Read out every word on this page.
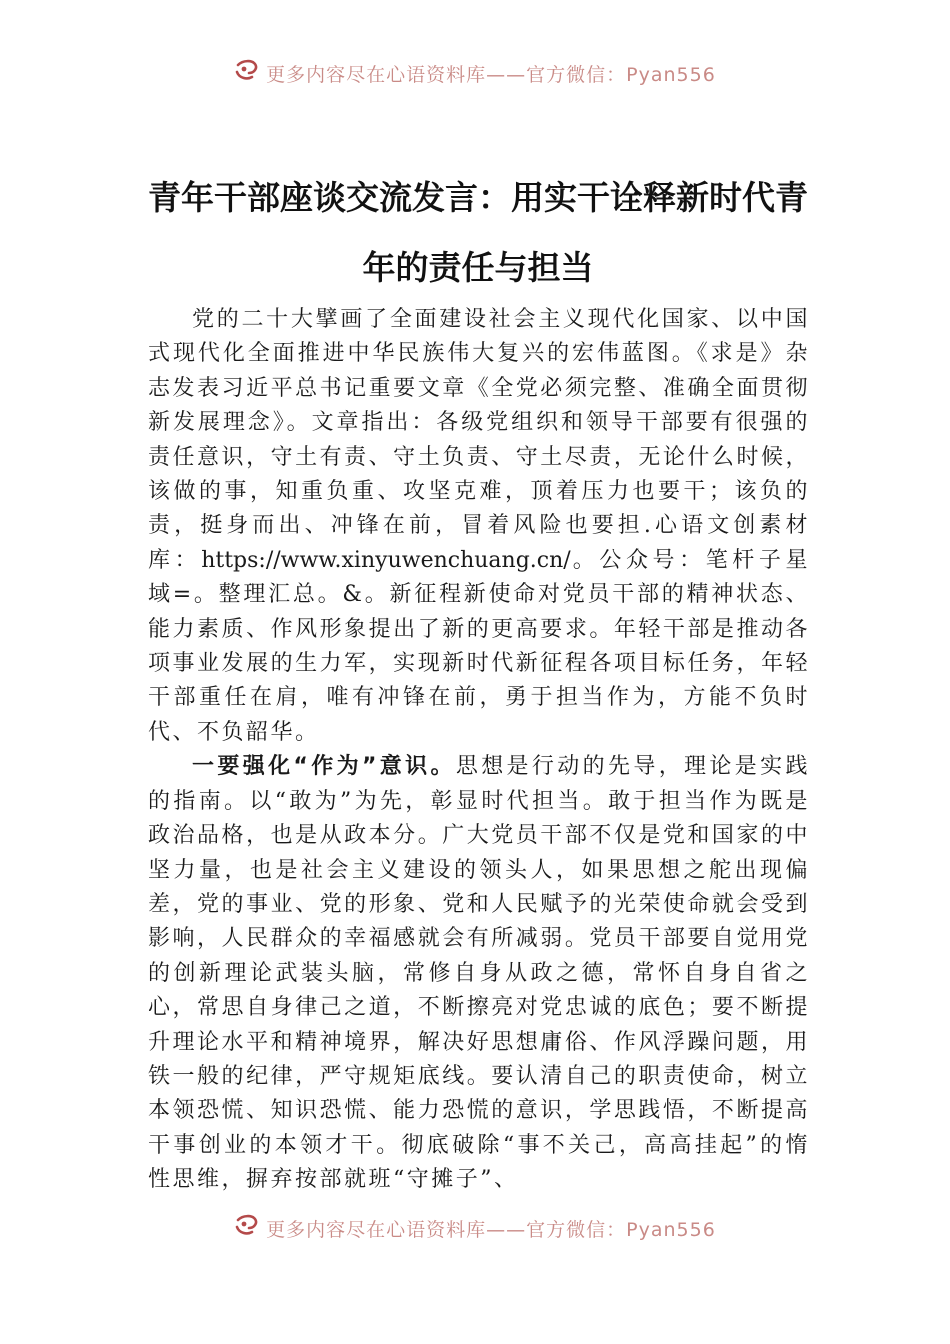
更多内容尽在心语资料库——官方微信：Pyan556
青年干部座谈交流发言：用实干诠释新时代青年的责任与担当

党的二十大擘画了全面建设社会主义现代化国家、以中国式现代化全面推进中华民族伟大复兴的宏伟蓝图。《求是》杂志发表习近平总书记重要文章《全党必须完整、准确全面贯彻新发展理念》。文章指出：各级党组织和领导干部要有很强的责任意识，守土有责、守土负责、守土尽责，无论什么时候，该做的事，知重负重、攻坚克难，顶着压力也要干；该负的责，挺身而出、冲锋在前，冒着风险也要担.心语文创素材库：https://www.xinyuwenchuang.cn/。公众号：笔杆子星域=。整理汇总。&。新征程新使命对党员干部的精神状态、能力素质、作风形象提出了新的更高要求。年轻干部是推动各项事业发展的生力军，实现新时代新征程各项目标任务，年轻干部重任在肩，唯有冲锋在前，勇于担当作为，方能不负时代、不负韶华。

一要强化“作为”意识。思想是行动的先导，理论是实践的指南。以“敢为”为先，彰显时代担当。敢于担当作为既是政治品格，也是从政本分。广大党员干部不仅是党和国家的中坚力量，也是社会主义建设的领头人，如果思想之舵出现偏差，党的事业、党的形象、党和人民赋予的光荣使命就会受到影响，人民群众的幸福感就会有所减弱。党员干部要自觉用党的创新理论武装头脑，常修自身从政之德，常怀自身自省之心，常思自身律己之道，不断擦亮对党忠诚的底色；要不断提升理论水平和精神境界，解决好思想庸俗、作风浮躁问题，用铁一般的纪律，严守规矩底线。要认清自己的职责使命，树立本领恐慌、知识恐慌、能力恐慌的意识，学思践悟，不断提高干事创业的本领才干。彻底破除“事不关己，高高挂起”的惰性思维，摒弃按部就班“守摊子”、

更多内容尽在心语资料库——官方微信：Pyan556
